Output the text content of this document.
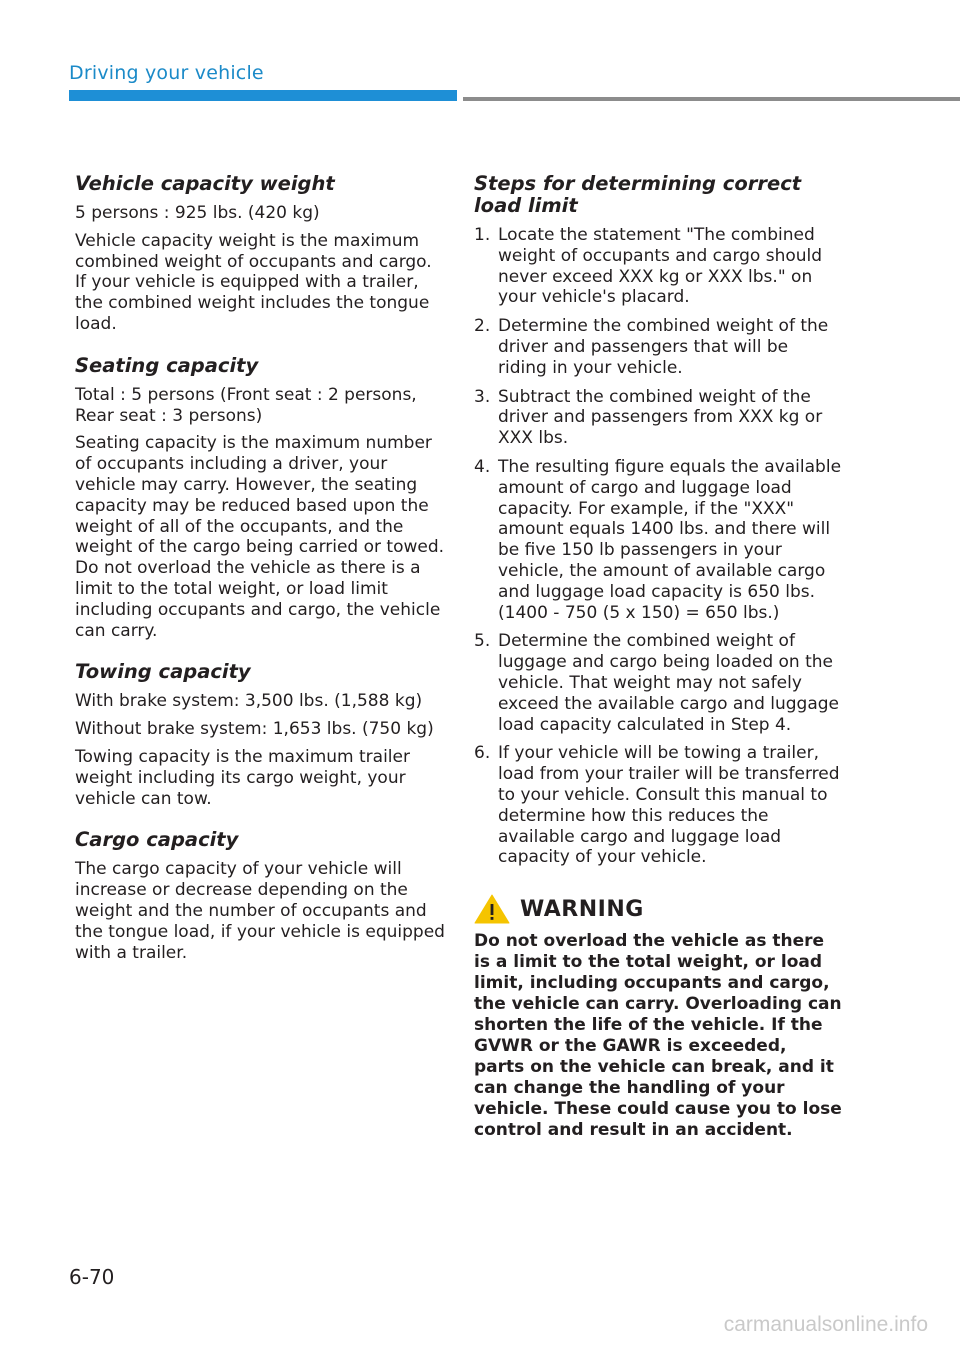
Driving your vehicle
Vehicle capacity weight

5 persons : 925 lbs. (420 kg)

Vehicle capacity weight is the maximum combined weight of occupants and cargo. If your vehicle is equipped with a trailer, the combined weight includes the tongue load.

Seating capacity

Total : 5 persons (Front seat : 2 persons, Rear seat : 3 persons)

Seating capacity is the maximum number of occupants including a driver, your vehicle may carry. However, the seating capacity may be reduced based upon the weight of all of the occupants, and the weight of the cargo being carried or towed. Do not overload the vehicle as there is a limit to the total weight, or load limit including occupants and cargo, the vehicle can carry.

Towing capacity

With brake system: 3,500 lbs. (1,588 kg)

Without brake system: 1,653 lbs. (750 kg)

Towing capacity is the maximum trailer weight including its cargo weight, your vehicle can tow.

Cargo capacity

The cargo capacity of your vehicle will increase or decrease depending on the weight and the number of occupants and the tongue load, if your vehicle is equipped with a trailer.

Steps for determining correct load limit
1. Locate the statement "The combined weight of occupants and cargo should never exceed XXX kg or XXX lbs." on your vehicle's placard.
2. Determine the combined weight of the driver and passengers that will be riding in your vehicle.
3. Subtract the combined weight of the driver and passengers from XXX kg or XXX lbs.
4. The resulting figure equals the available amount of cargo and luggage load capacity. For example, if the "XXX" amount equals 1400 lbs. and there will be five 150 lb passengers in your vehicle, the amount of available cargo and luggage load capacity is 650 lbs. (1400 - 750 (5 x 150) = 650 lbs.)
5. Determine the combined weight of luggage and cargo being loaded on the vehicle. That weight may not safely exceed the available cargo and luggage load capacity calculated in Step 4.
6. If your vehicle will be towing a trailer, load from your trailer will be transferred to your vehicle. Consult this manual to determine how this reduces the available cargo and luggage load capacity of your vehicle.
WARNING

Do not overload the vehicle as there is a limit to the total weight, or load limit, including occupants and cargo, the vehicle can carry. Overloading can shorten the life of the vehicle. If the GVWR or the GAWR is exceeded, parts on the vehicle can break, and it can change the handling of your vehicle. These could cause you to lose control and result in an accident.

6-70
carmanualsonline.info
